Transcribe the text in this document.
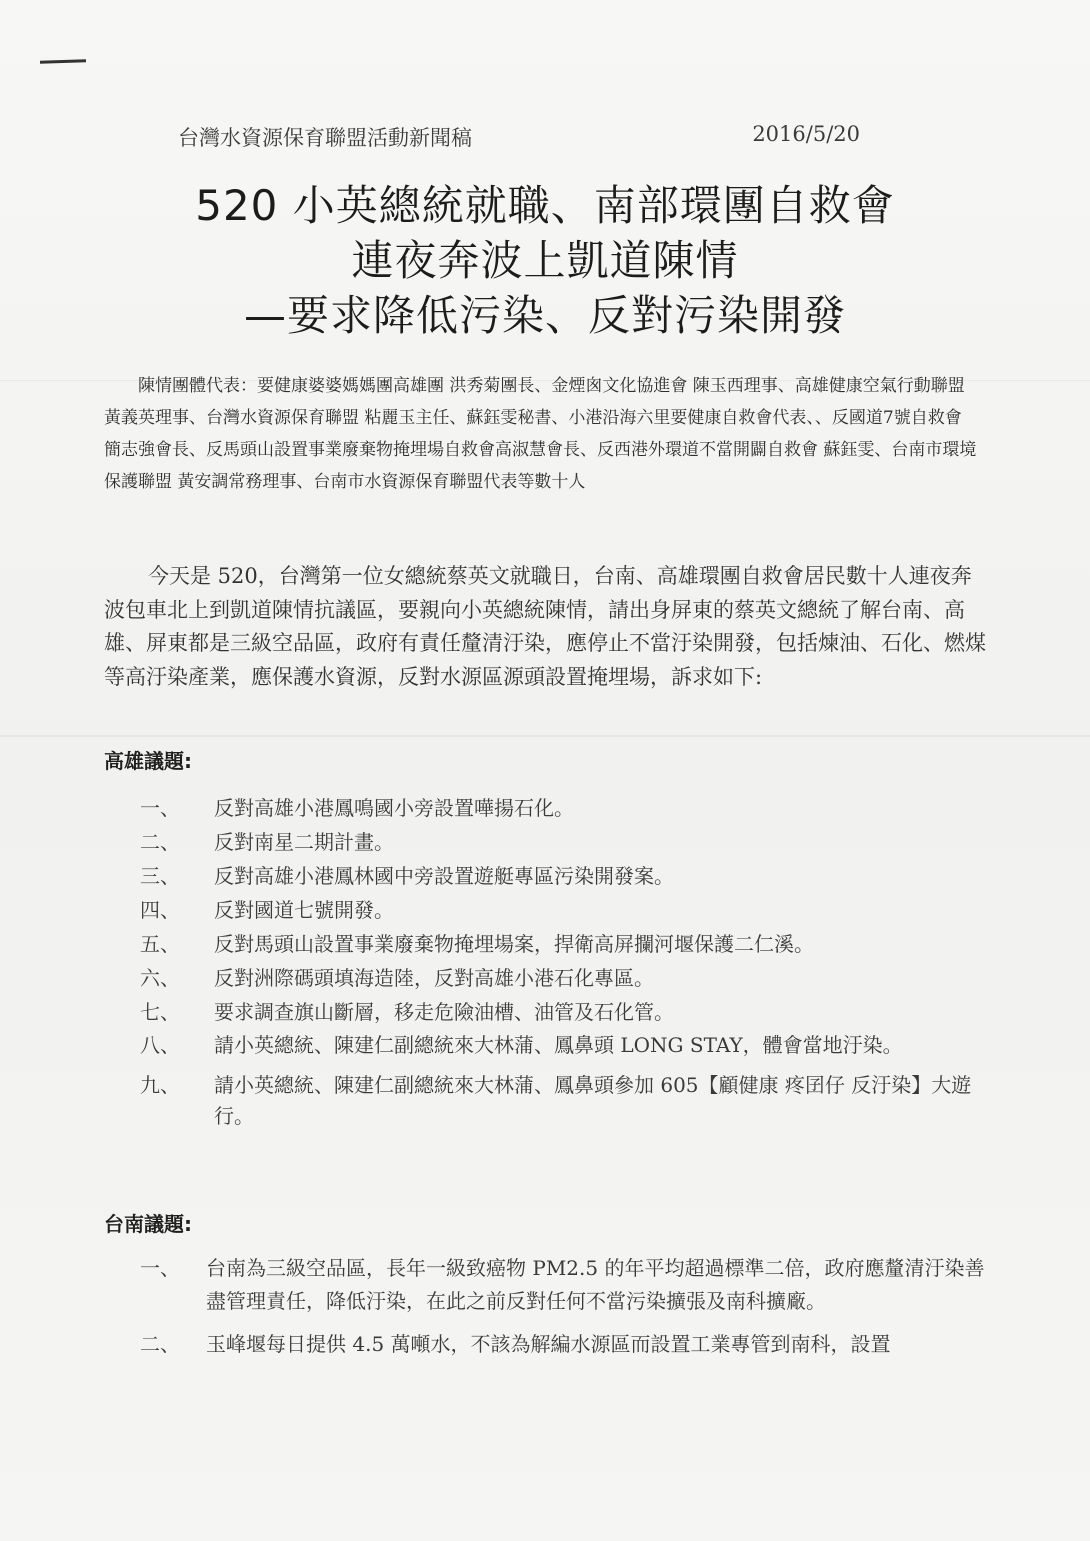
台灣水資源保育聯盟活動新聞稿	2016/5/20
520 小英總統就職、南部環團自救會
連夜奔波上凱道陳情
—要求降低污染、反對污染開發
陳情團體代表：要健康婆婆媽媽團高雄團 洪秀菊團長、金煙囪文化協進會 陳玉西理事、高雄健康空氣行動聯盟 黃義英理事、台灣水資源保育聯盟 粘麗玉主任、蘇鈺雯秘書、小港沿海六里要健康自救會代表、、反國道7號自救會 簡志強會長、反馬頭山設置事業廢棄物掩埋場自救會高淑慧會長、反西港外環道不當開闢自救會 蘇鈺雯、台南市環境保護聯盟 黃安調常務理事、台南市水資源保育聯盟代表等數十人
今天是 520，台灣第一位女總統蔡英文就職日，台南、高雄環團自救會居民數十人連夜奔波包車北上到凱道陳情抗議區，要親向小英總統陳情，請出身屏東的蔡英文總統了解台南、高雄、屏東都是三級空品區，政府有責任釐清汙染，應停止不當汙染開發，包括煉油、石化、燃煤等高汙染產業，應保護水資源，反對水源區源頭設置掩埋場，訴求如下:
高雄議題:
一、	反對高雄小港鳳鳴國小旁設置嘩揚石化。
二、	反對南星二期計畫。
三、	反對高雄小港鳳林國中旁設置遊艇專區污染開發案。
四、	反對國道七號開發。
五、	反對馬頭山設置事業廢棄物掩埋場案，捍衛高屏攔河堰保護二仁溪。
六、	反對洲際碼頭填海造陸，反對高雄小港石化專區。
七、	要求調查旗山斷層，移走危險油槽、油管及石化管。
八、	請小英總統、陳建仁副總統來大林蒲、鳳鼻頭 LONG STAY，體會當地汙染。
九、	請小英總統、陳建仁副總統來大林蒲、鳳鼻頭參加 605【顧健康 疼囝仔 反汙染】大遊行。
台南議題:
一、	台南為三級空品區，長年一級致癌物 PM2.5 的年平均超過標準二倍，政府應釐清汙染善盡管理責任，降低汙染，在此之前反對任何不當污染擴張及南科擴廠。
二、	玉峰堰每日提供 4.5 萬噸水，不該為解編水源區而設置工業專管到南科，設置
